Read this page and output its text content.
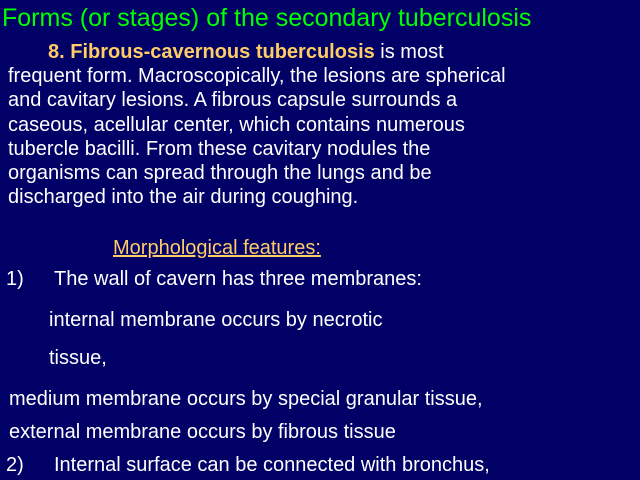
Forms (or stages) of the secondary tuberculosis
8. Fibrous-cavernous tuberculosis is most
frequent form. Macroscopically, the lesions are spherical
and cavitary lesions. A fibrous capsule surrounds a
caseous, acellular center, which contains numerous
tubercle bacilli. From these cavitary nodules the
organisms can spread through the lungs and be
discharged into the air during coughing.
Morphological features:
1) The wall of cavern has three membranes:
internal membrane occurs by necrotic
tissue,
medium membrane occurs by special granular tissue,
external membrane occurs by fibrous tissue
2) Internal surface can be connected with bronchus,
